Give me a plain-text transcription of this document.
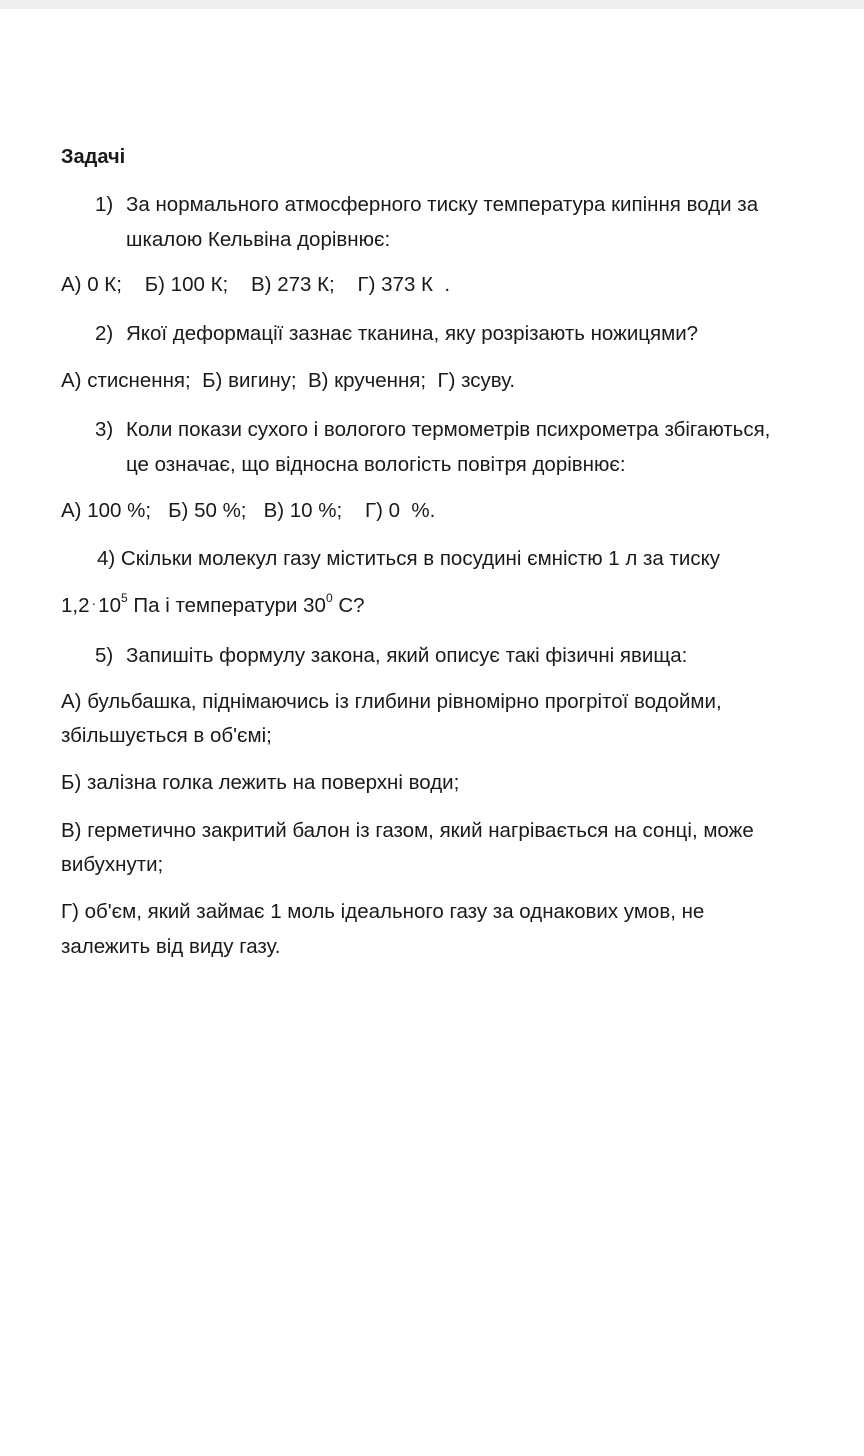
Задачі
1) За нормального атмосферного тиску температура кипіння води за
шкалою Кельвіна дорівнює:
А) 0 К;    Б) 100 К;    В) 273 К;    Г) 373 К  .
2) Якої деформації зазнає тканина, яку розрізають ножицями?
А) стиснення;  Б) вигину;  В) кручення;  Г) зсуву.
3) Коли покази сухого і вологого термометрів психрометра збігаються,
це означає, що відносна вологість повітря дорівнює:
А) 100 %;   Б) 50 %;   В) 10 %;    Г) 0  %.
4) Скільки молекул газу міститься в посудині ємністю 1 л за тиску
$1,2 \cdot 10^5$ Па і температури $30^0$ С?
5) Запишіть формулу закона, який описує такі фізичні явища:
А) бульбашка, піднімаючись із глибини рівномірно прогрітої водойми,
збільшується в об'ємі;
Б) залізна голка лежить на поверхні води;
В) герметично закритий балон із газом, який нагрівається на сонці, може
вибухнути;
Г) об'єм, який займає 1 моль ідеального газу за однакових умов, не
залежить від виду газу.
